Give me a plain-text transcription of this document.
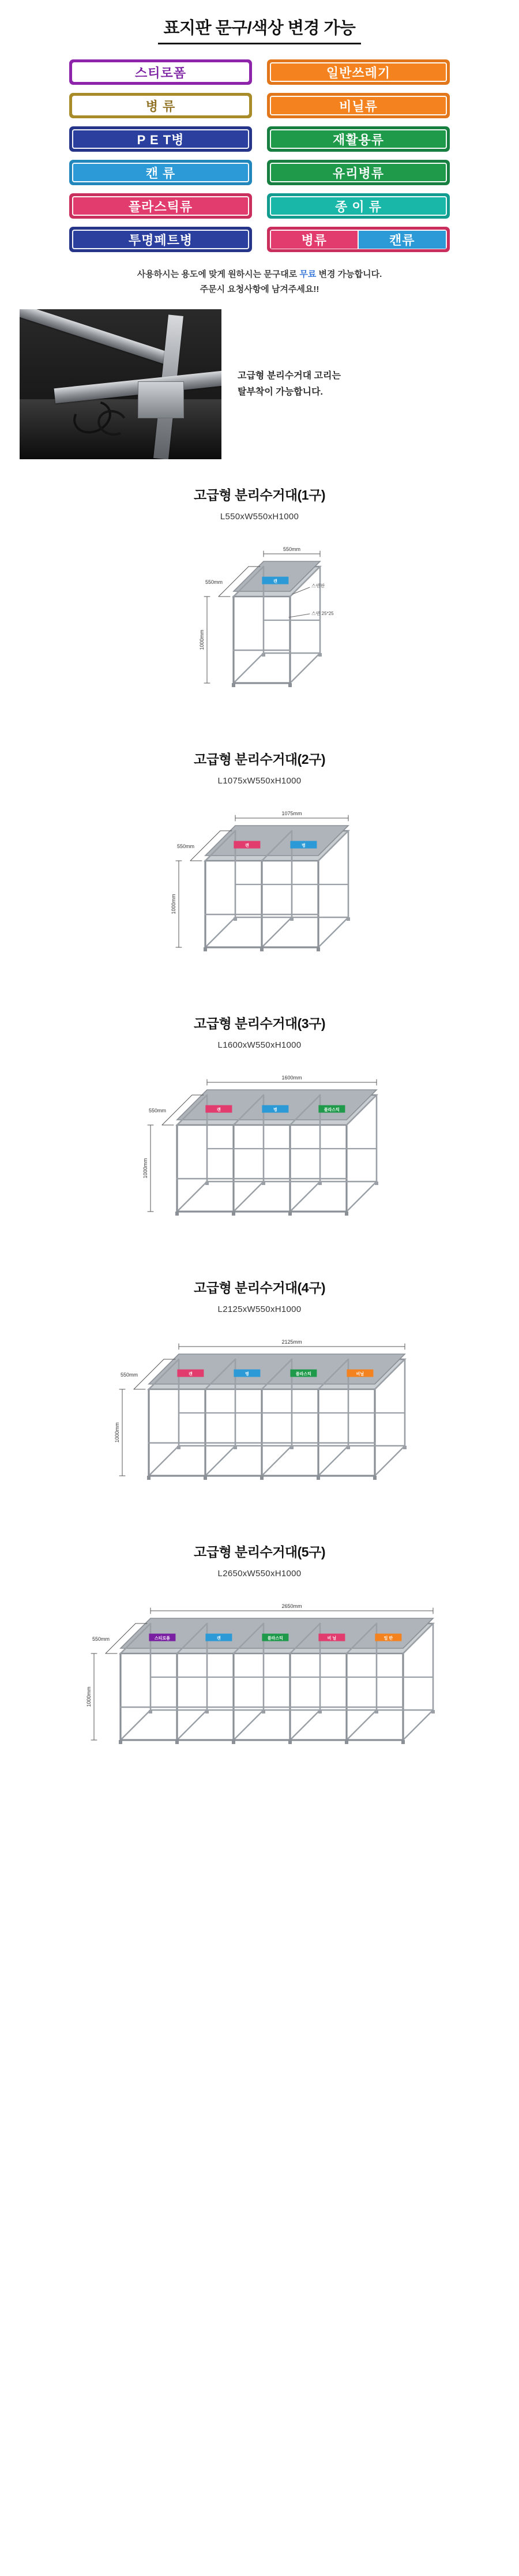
표지판 문구/색상 변경 가능
스티로폼	일반쓰레기
병 류	비닐류
P E T병	재활용류
캔 류	유리병류
플라스틱류	종 이 류
투명페트병	병류	캔류
사용하시는 용도에 맞게 원하시는 문구대로 무료 변경 가능합니다.
주문시 요청사항에 남겨주세요!!
고급형 분리수거대 고리는
탈부착이 가능합니다.
고급형 분리수거대(1구)
L550xW550xH1000
캔
550mm
550mm
1000mm
스텐판
스텐 25*25
고급형 분리수거대(2구)
L1075xW550xH1000
캔	병
1075mm
550mm
1000mm
고급형 분리수거대(3구)
L1600xW550xH1000
캔	병	플라스틱
1600mm
550mm
1000mm
고급형 분리수거대(4구)
L2125xW550xH1000
캔	병	플라스틱	비닐
2125mm
550mm
1000mm
고급형 분리수거대(5구)
L2650xW550xH1000
스티로폼	캔	플라스틱	비 닐	일 반
2650mm
550mm
1000mm
